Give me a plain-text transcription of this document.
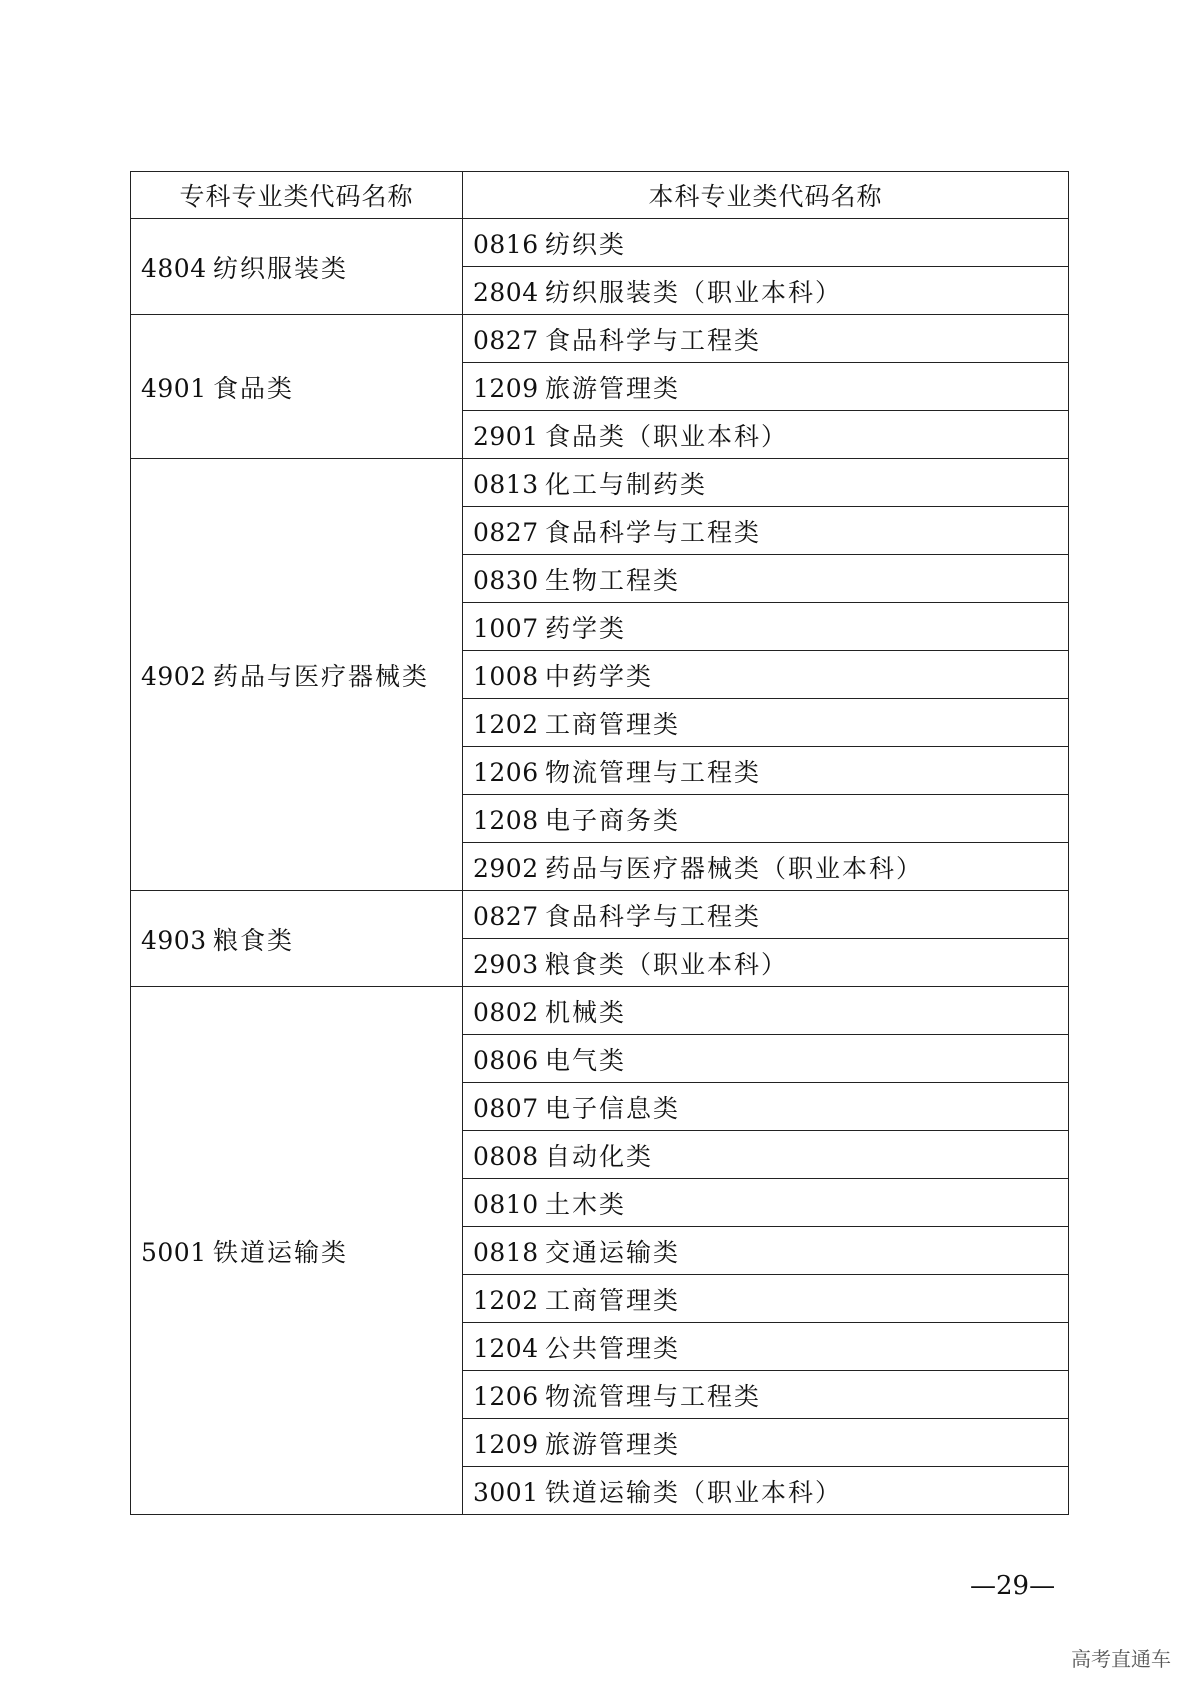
专科专业类代码名称	本科专业类代码名称
4804 纺织服装类	0816 纺织类
	2804 纺织服装类（职业本科）
4901 食品类	0827 食品科学与工程类
	1209 旅游管理类
	2901 食品类（职业本科）
4902 药品与医疗器械类	0813 化工与制药类
	0827 食品科学与工程类
	0830 生物工程类
	1007 药学类
	1008 中药学类
	1202 工商管理类
	1206 物流管理与工程类
	1208 电子商务类
	2902 药品与医疗器械类（职业本科）
4903 粮食类	0827 食品科学与工程类
	2903 粮食类（职业本科）
5001 铁道运输类	0802 机械类
	0806 电气类
	0807 电子信息类
	0808 自动化类
	0810 土木类
	0818 交通运输类
	1202 工商管理类
	1204 公共管理类
	1206 物流管理与工程类
	1209 旅游管理类
	3001 铁道运输类（职业本科）
—29—
高考直通车
